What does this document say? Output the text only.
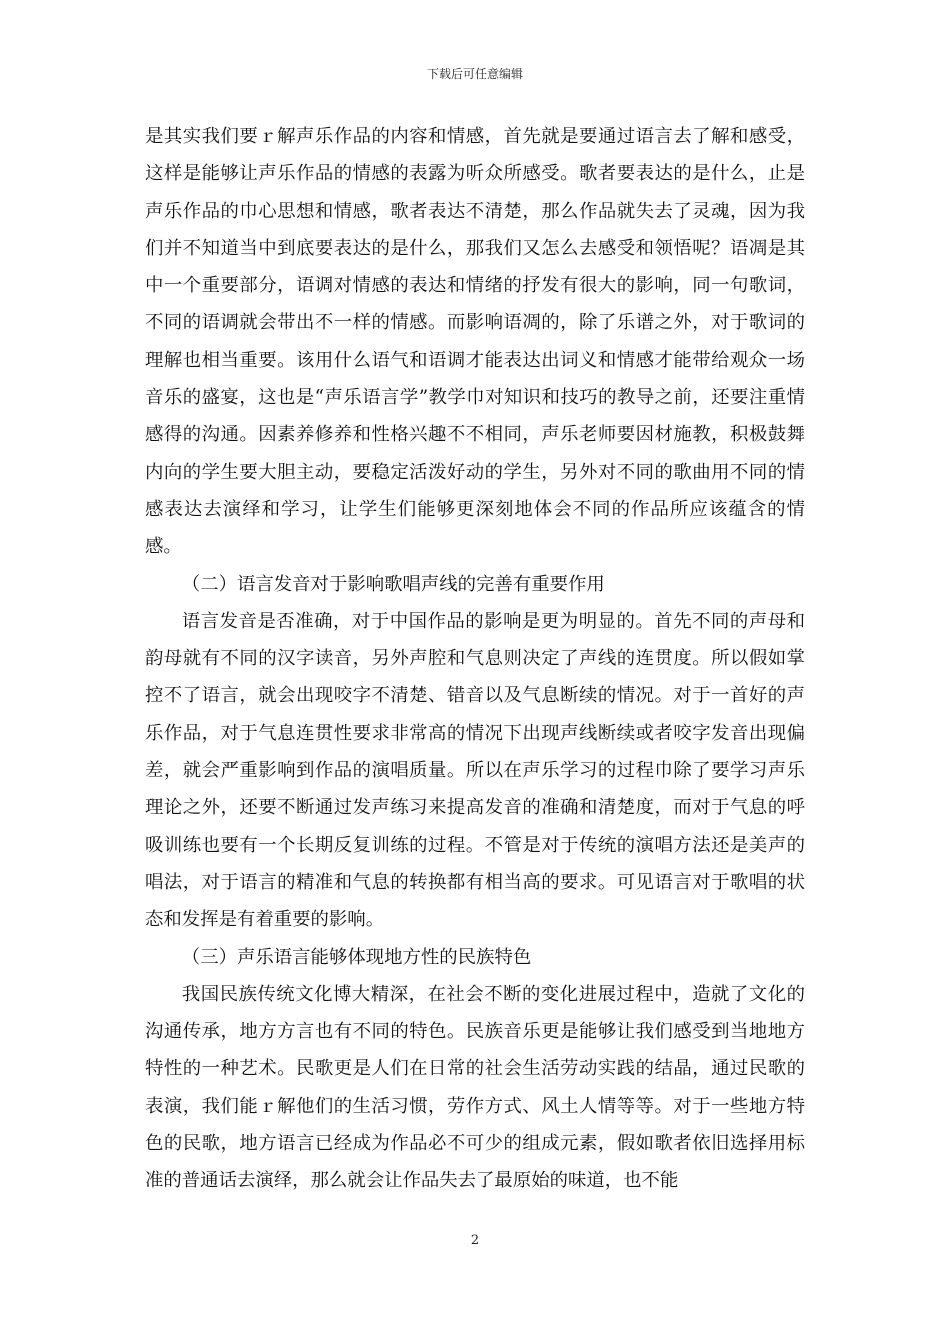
下载后可任意编辑

是其实我们要ｒ解声乐作品的内容和情感，首先就是要通过语言去了解和感受，这样是能够让声乐作品的情感的表露为听众所感受。歌者要表达的是什么，止是声乐作品的巾心思想和情感，歌者表达不清楚，那么作品就失去了灵魂，因为我们并不知道当中到底要表达的是什么，那我们又怎么去感受和领悟呢？语凋是其中一个重要部分，语调对情感的表达和情绪的抒发有很大的影响，同一句歌词，不同的语调就会带出不一样的情感。而影响语凋的，除了乐谱之外，对于歌词的理解也相当重要。该用什么语气和语调才能表达出词义和情感才能带给观众一场音乐的盛宴，这也是“声乐语言学”教学巾对知识和技巧的教导之前，还要注重情感得的沟通。因素养修养和性格兴趣不不相同，声乐老师要因材施教，积极鼓舞内向的学生要大胆主动，要稳定活泼好动的学生，另外对不同的歌曲用不同的情感表达去演绎和学习，让学生们能够更深刻地体会不同的作品所应该蕴含的情感。

（二）语言发音对于影响歌唱声线的完善有重要作用

语言发音是否准确，对于中国作品的影响是更为明显的。首先不同的声母和韵母就有不同的汉字读音，另外声腔和气息则决定了声线的连贯度。所以假如掌控不了语言，就会出现咬字不清楚、错音以及气息断续的情况。对于一首好的声乐作品，对于气息连贯性要求非常高的情况下出现声线断续或者咬字发音出现偏差，就会严重影响到作品的演唱质量。所以在声乐学习的过程巾除了要学习声乐理论之外，还要不断通过发声练习来提高发音的准确和清楚度，而对于气息的呼吸训练也要有一个长期反复训练的过程。不管是对于传统的演唱方法还是美声的唱法，对于语言的精准和气息的转换都有相当高的要求。可见语言对于歌唱的状态和发挥是有着重要的影响。

（三）声乐语言能够体现地方性的民族特色

我国民族传统文化博大精深，在社会不断的变化进展过程中，造就了文化的沟通传承，地方方言也有不同的特色。民族音乐更是能够让我们感受到当地地方特性的一种艺术。民歌更是人们在日常的社会生活劳动实践的结晶，通过民歌的表演，我们能ｒ解他们的生活习惯，劳作方式、风土人情等等。对于一些地方特色的民歌，地方语言已经成为作品必不可少的组成元素，假如歌者依旧选择用标准的普通话去演绎，那么就会让作品失去了最原始的味道，也不能

2
